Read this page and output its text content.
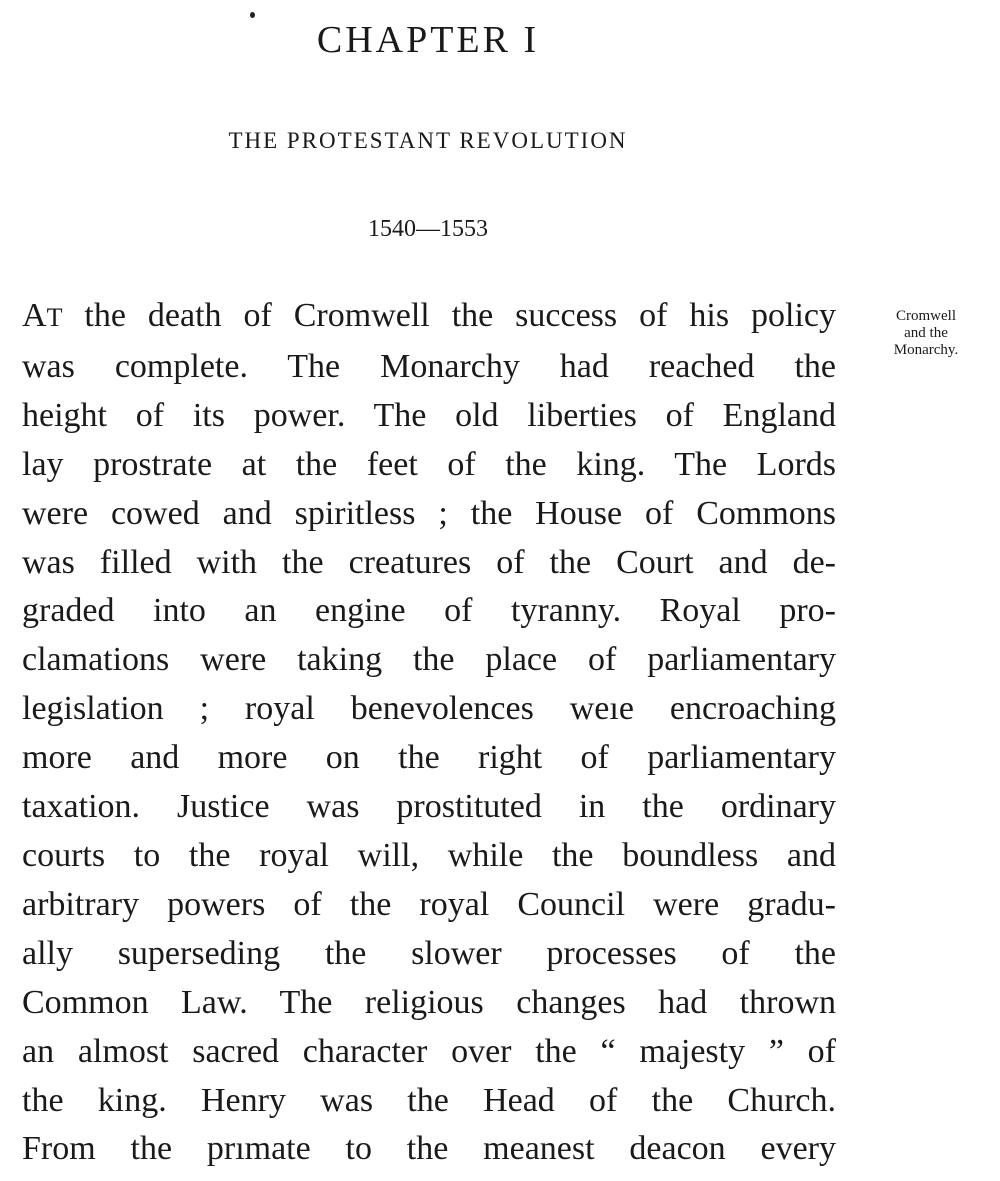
CHAPTER I
THE PROTESTANT REVOLUTION
1540—1553
Cromwell
and the
Monarchy.
AT the death of Cromwell the success of his policy
was complete. The Monarchy had reached the
height of its power. The old liberties of England
lay prostrate at the feet of the king. The Lords
were cowed and spiritless ; the House of Commons
was filled with the creatures of the Court and de-
graded into an engine of tyranny. Royal pro-
clamations were taking the place of parliamentary
legislation ; royal benevolences weıe encroaching
more and more on the right of parliamentary
taxation. Justice was prostituted in the ordinary
courts to the royal will, while the boundless and
arbitrary powers of the royal Council were gradu-
ally superseding the slower processes of the
Common Law. The religious changes had thrown
an almost sacred character over the “ majesty ” of
the king. Henry was the Head of the Church.
From the prımate to the meanest deacon every
